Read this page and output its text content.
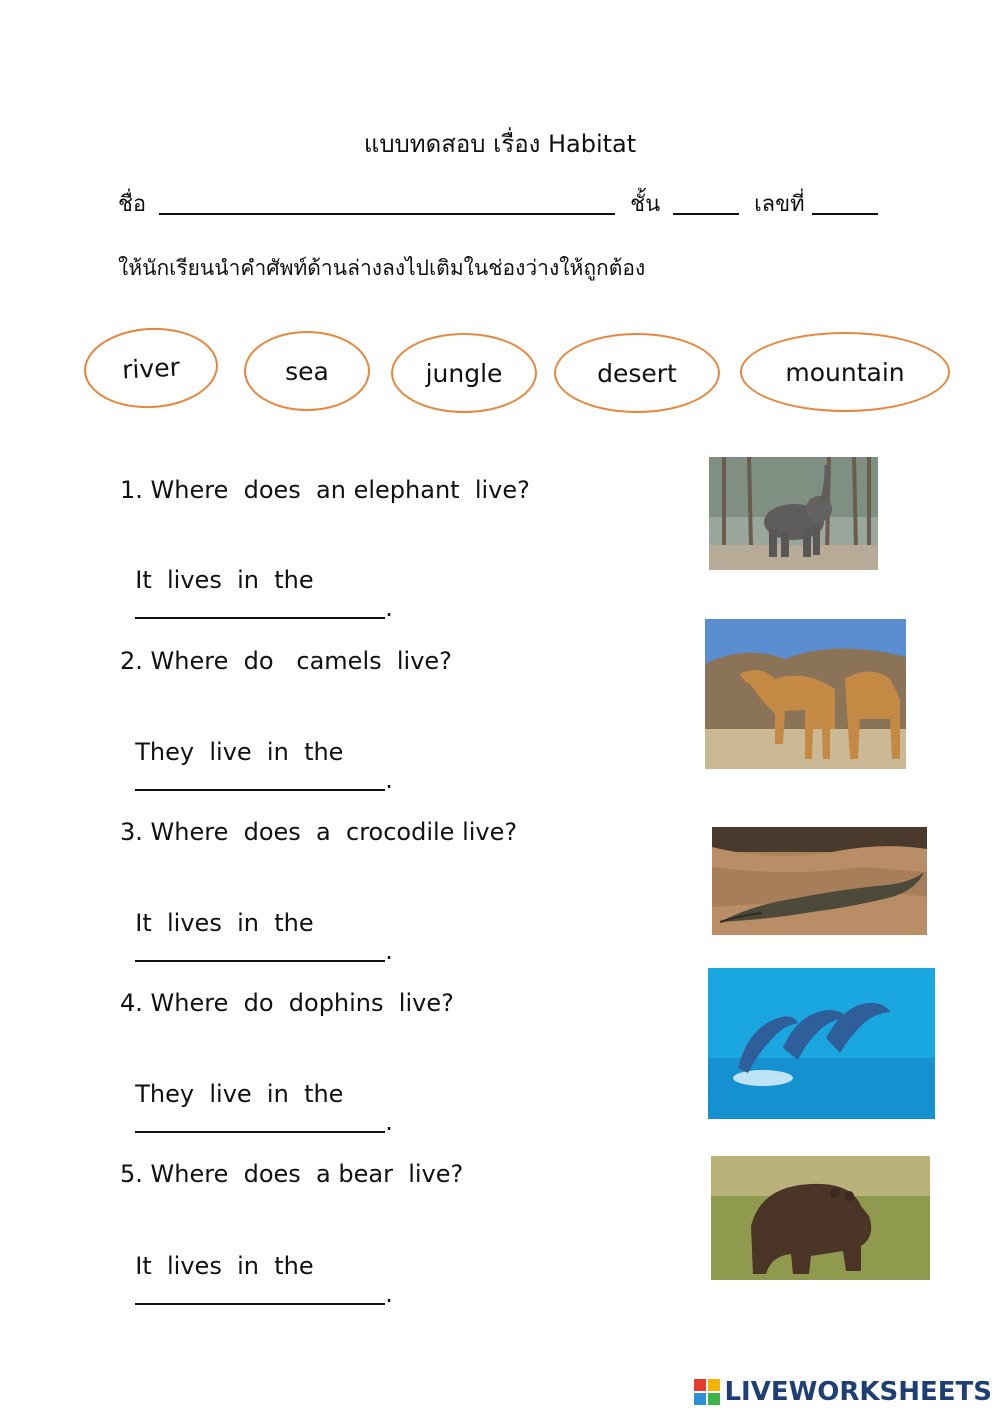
แบบทดสอบ เรื่อง Habitat
ชื่อ	ชั้น	เลขที่
ให้นักเรียนนำคำศัพท์ด้านล่างลงไปเติมในช่องว่างให้ถูกต้อง
river	sea	jungle	desert	mountain
1. Where  does  an elephant  live?

It  lives  in  the
.

2. Where  do   camels  live?

They  live  in  the
.

3. Where  does  a  crocodile live?

It  lives  in  the
.

4. Where  do  dophins  live?

They  live  in  the
.

5. Where  does  a bear  live?

It  lives  in  the
.

LIVEWORKSHEETS
